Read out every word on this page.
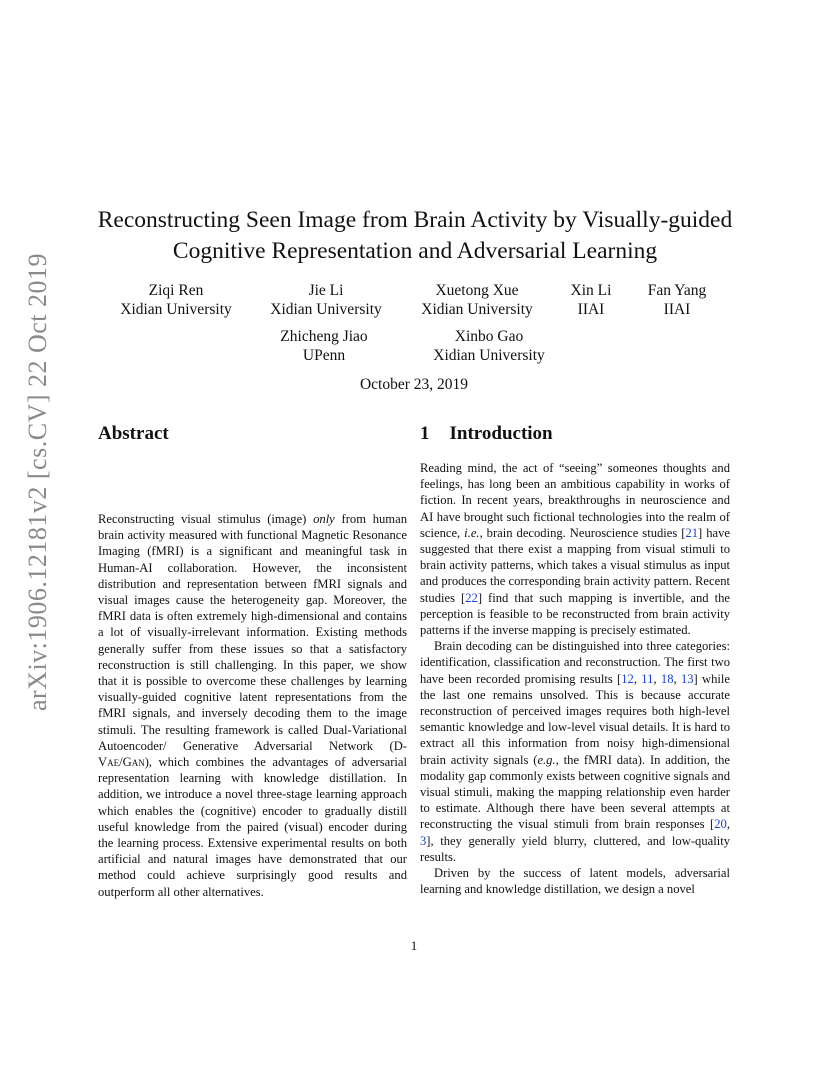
arXiv:1906.12181v2 [cs.CV] 22 Oct 2019
Reconstructing Seen Image from Brain Activity by Visually-guided
Cognitive Representation and Adversarial Learning
Ziqi Ren
Xidian University
Jie Li
Xidian University
Xuetong Xue
Xidian University
Xin Li
IIAI
Fan Yang
IIAI
Zhicheng Jiao
UPenn
Xinbo Gao
Xidian University
October 23, 2019
Abstract	1 Introduction

Reconstructing visual stimulus (image) only from human brain activity measured with functional Magnetic Resonance Imaging (fMRI) is a significant and meaningful task in Human-AI collaboration. However, the inconsistent distribution and representation between fMRI signals and visual images cause the heterogeneity gap. Moreover, the fMRI data is often extremely high-dimensional and contains a lot of visually-irrelevant information. Existing methods generally suffer from these issues so that a satisfactory reconstruction is still challenging. In this paper, we show that it is possible to overcome these challenges by learning visually-guided cognitive latent representations from the fMRI signals, and inversely decoding them to the image stimuli. The resulting framework is called Dual-Variational Autoencoder/ Generative Adversarial Network (D-Vae/Gan), which combines the advantages of adversarial representation learning with knowledge distillation. In addition, we introduce a novel three-stage learning approach which enables the (cognitive) encoder to gradually distill useful knowledge from the paired (visual) encoder during the learning process. Extensive experimental results on both artificial and natural images have demonstrated that our method could achieve surprisingly good results and outperform all other alternatives.

Reading mind, the act of “seeing” someones thoughts and feelings, has long been an ambitious capability in works of fiction. In recent years, breakthroughs in neuroscience and AI have brought such fictional technologies into the realm of science, i.e., brain decoding. Neuroscience studies [21] have suggested that there exist a mapping from visual stimuli to brain activity patterns, which takes a visual stimulus as input and produces the corresponding brain activity pattern. Recent studies [22] find that such mapping is invertible, and the perception is feasible to be reconstructed from brain activity patterns if the inverse mapping is precisely estimated.

Brain decoding can be distinguished into three categories: identification, classification and reconstruction. The first two have been recorded promising results [12, 11, 18, 13] while the last one remains unsolved. This is because accurate reconstruction of perceived images requires both high-level semantic knowledge and low-level visual details. It is hard to extract all this information from noisy high-dimensional brain activity signals (e.g., the fMRI data). In addition, the modality gap commonly exists between cognitive signals and visual stimuli, making the mapping relationship even harder to estimate. Although there have been several attempts at reconstructing the visual stimuli from brain responses [20, 3], they generally yield blurry, cluttered, and low-quality results.

Driven by the success of latent models, adversarial learning and knowledge distillation, we design a novel

1
